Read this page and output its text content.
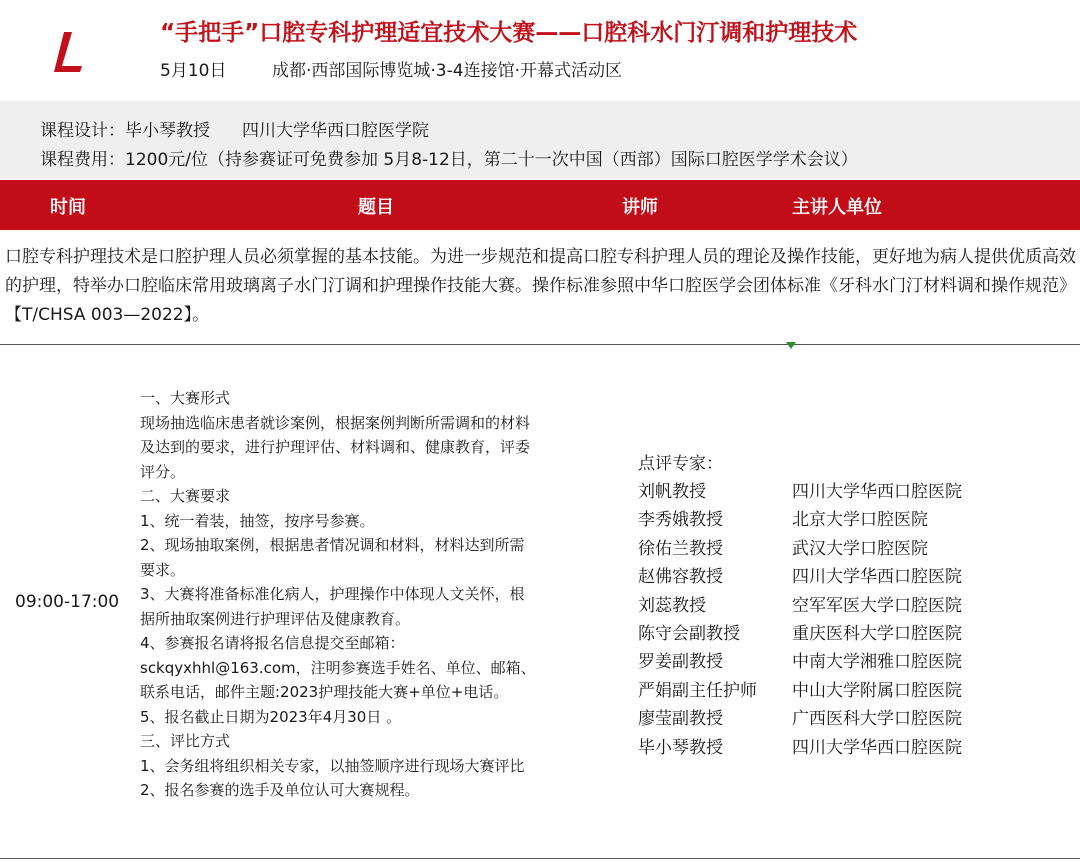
“手把手”口腔专科护理适宜技术大赛——口腔科水门汀调和护理技术
5月10日	成都·西部国际博览城·3-4连接馆·开幕式活动区
课程设计：毕小琴教授 四川大学华西口腔医学院
课程费用：1200元/位（持参赛证可免费参加 5月8-12日，第二十一次中国（西部）国际口腔医学学术会议）
时间	题目	讲师	主讲人单位
口腔专科护理技术是口腔护理人员必须掌握的基本技能。为进一步规范和提高口腔专科护理人员的理论及操作技能，更好地为病人提供优质高效的护理，特举办口腔临床常用玻璃离子水门汀调和护理操作技能大赛。操作标准参照中华口腔医学会团体标准《牙科水门汀材料调和操作规范》【T/CHSA 003—2022】。
09:00-17:00
一、大赛形式
现场抽选临床患者就诊案例，根据案例判断所需调和的材料
及达到的要求，进行护理评估、材料调和、健康教育，评委
评分。
二、大赛要求
1、统一着装，抽签，按序号参赛。
2、现场抽取案例，根据患者情况调和材料，材料达到所需
要求。
3、大赛将准备标准化病人，护理操作中体现人文关怀，根
据所抽取案例进行护理评估及健康教育。
4、参赛报名请将报名信息提交至邮箱：
sckqyxhhl@163.com，注明参赛选手姓名、单位、邮箱、
联系电话，邮件主题:2023护理技能大赛+单位+电话。
5、报名截止日期为2023年4月30日 。
三、评比方式
1、会务组将组织相关专家，以抽签顺序进行现场大赛评比
2、报名参赛的选手及单位认可大赛规程。
点评专家：
刘帆教授	四川大学华西口腔医院
李秀娥教授	北京大学口腔医院
徐佑兰教授	武汉大学口腔医院
赵佛容教授	四川大学华西口腔医院
刘蕊教授	空军军医大学口腔医院
陈守会副教授	重庆医科大学口腔医院
罗姜副教授	中南大学湘雅口腔医院
严娟副主任护师 中山大学附属口腔医院
廖莹副教授	广西医科大学口腔医院
毕小琴教授	四川大学华西口腔医院
